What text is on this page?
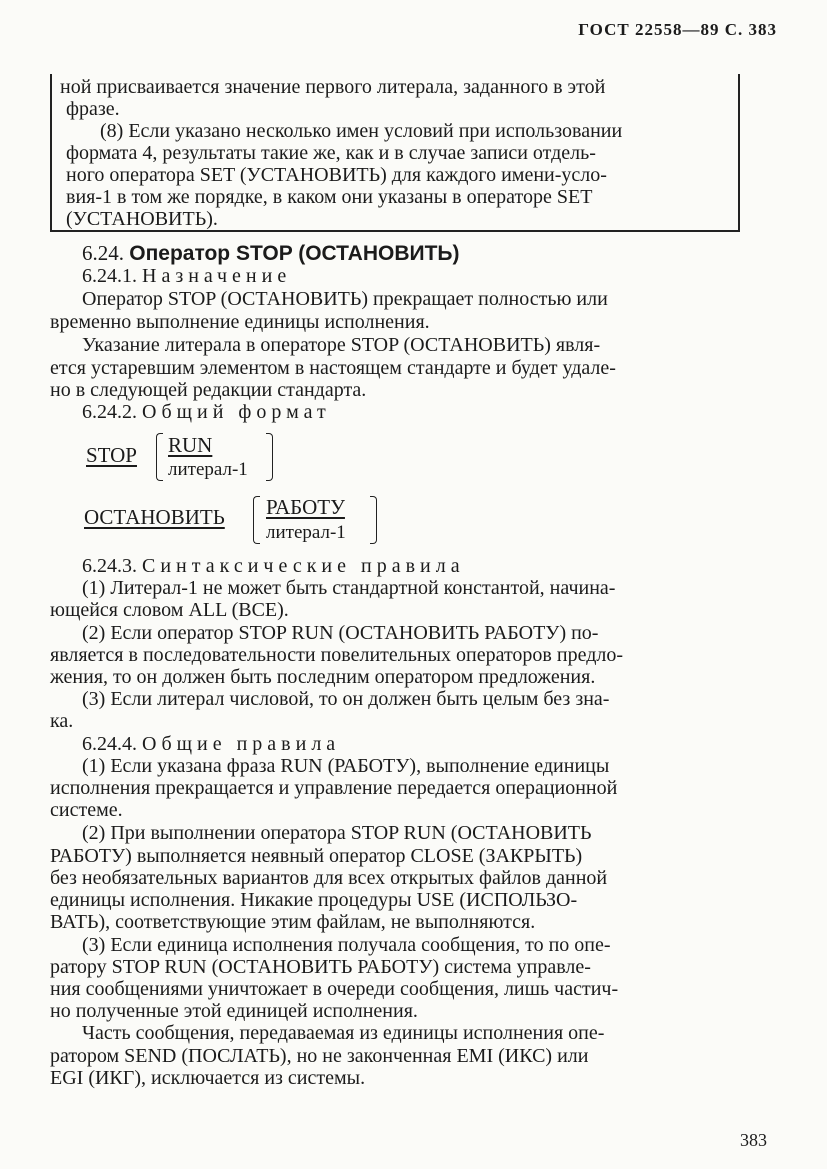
ГОСТ 22558—89 С. 383
ной присваивается значение первого литерала, заданного в этой
фразе.
(8) Если указано несколько имен условий при использовании
формата 4, результаты такие же, как и в случае записи отдель-
ного оператора SET (УСТАНОВИТЬ) для каждого имени-усло-
вия-1 в том же порядке, в каком они указаны в операторе SET
(УСТАНОВИТЬ).
6.24. Оператор STOP (ОСТАНОВИТЬ)
6.24.1. Назначение
Оператор STOP (ОСТАНОВИТЬ) прекращает полностью или
временно выполнение единицы исполнения.
Указание литерала в операторе STOP (ОСТАНОВИТЬ) явля-
ется устаревшим элементом в настоящем стандарте и будет удале-
но в следующей редакции стандарта.
6.24.2. Общий формат
STOP RUN
литерал-1
ОСТАНОВИТЬ РАБОТУ
литерал-1
6.24.3. Синтаксические правила
(1) Литерал-1 не может быть стандартной константой, начина-
ющейся словом ALL (ВСЕ).
(2) Если оператор STOP RUN (ОСТАНОВИТЬ РАБОТУ) по-
является в последовательности повелительных операторов предло-
жения, то он должен быть последним оператором предложения.
(3) Если литерал числовой, то он должен быть целым без зна-
ка.
6.24.4. Общие правила
(1) Если указана фраза RUN (РАБОТУ), выполнение единицы
исполнения прекращается и управление передается операционной
системе.
(2) При выполнении оператора STOP RUN (ОСТАНОВИТЬ
РАБОТУ) выполняется неявный оператор CLOSE (ЗАКРЫТЬ)
без необязательных вариантов для всех открытых файлов данной
единицы исполнения. Никакие процедуры USE (ИСПОЛЬЗО-
ВАТЬ), соответствующие этим файлам, не выполняются.
(3) Если единица исполнения получала сообщения, то по опе-
ратору STOP RUN (ОСТАНОВИТЬ РАБОТУ) система управле-
ния сообщениями уничтожает в очереди сообщения, лишь частич-
но полученные этой единицей исполнения.
Часть сообщения, передаваемая из единицы исполнения опе-
ратором SEND (ПОСЛАТЬ), но не законченная EMI (ИКС) или
EGI (ИКГ), исключается из системы.
383
